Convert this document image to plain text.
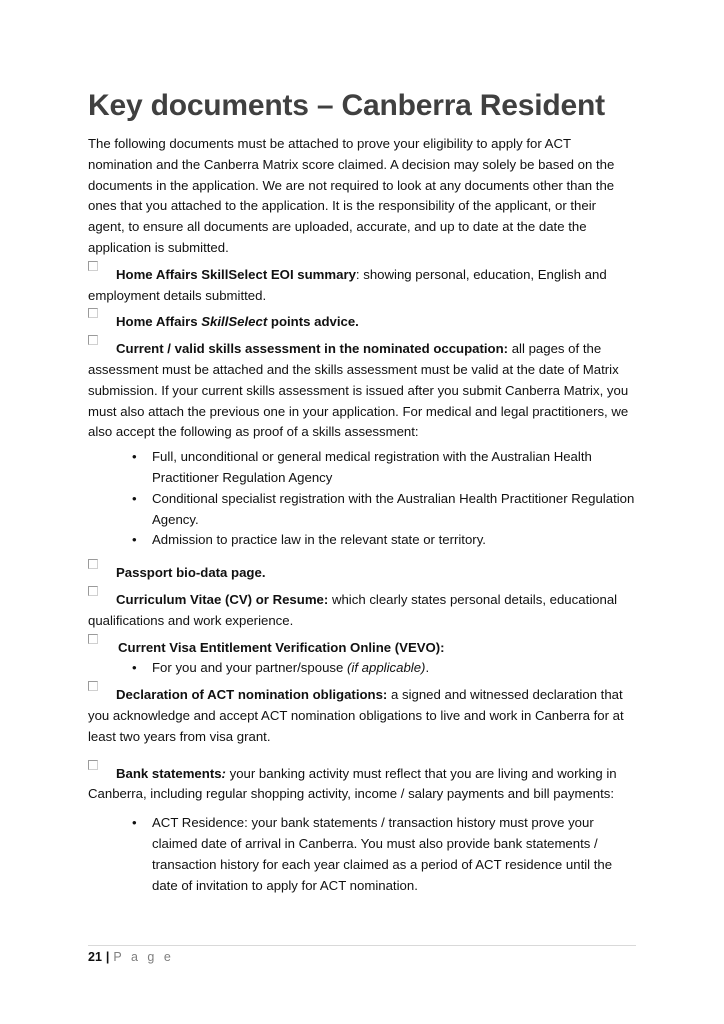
Key documents – Canberra Resident

The following documents must be attached to prove your eligibility to apply for ACT nomination and the Canberra Matrix score claimed. A decision may solely be based on the documents in the application. We are not required to look at any documents other than the ones that you attached to the application. It is the responsibility of the applicant, or their agent, to ensure all documents are uploaded, accurate, and up to date at the date the application is submitted.

Home Affairs SkillSelect EOI summary: showing personal, education, English and employment details submitted.
Home Affairs SkillSelect points advice.
Current / valid skills assessment in the nominated occupation: all pages of the assessment must be attached and the skills assessment must be valid at the date of Matrix submission. If your current skills assessment is issued after you submit Canberra Matrix, you must also attach the previous one in your application. For medical and legal practitioners, we also accept the following as proof of a skills assessment:
• Full, unconditional or general medical registration with the Australian Health Practitioner Regulation Agency
• Conditional specialist registration with the Australian Health Practitioner Regulation Agency.
• Admission to practice law in the relevant state or territory.
Passport bio-data page.
Curriculum Vitae (CV) or Resume: which clearly states personal details, educational qualifications and work experience.
Current Visa Entitlement Verification Online (VEVO):
• For you and your partner/spouse (if applicable).
Declaration of ACT nomination obligations: a signed and witnessed declaration that you acknowledge and accept ACT nomination obligations to live and work in Canberra for at least two years from visa grant.
Bank statements: your banking activity must reflect that you are living and working in Canberra, including regular shopping activity, income / salary payments and bill payments:
• ACT Residence: your bank statements / transaction history must prove your claimed date of arrival in Canberra. You must also provide bank statements / transaction history for each year claimed as a period of ACT residence until the date of invitation to apply for ACT nomination.
21 | P a g e
